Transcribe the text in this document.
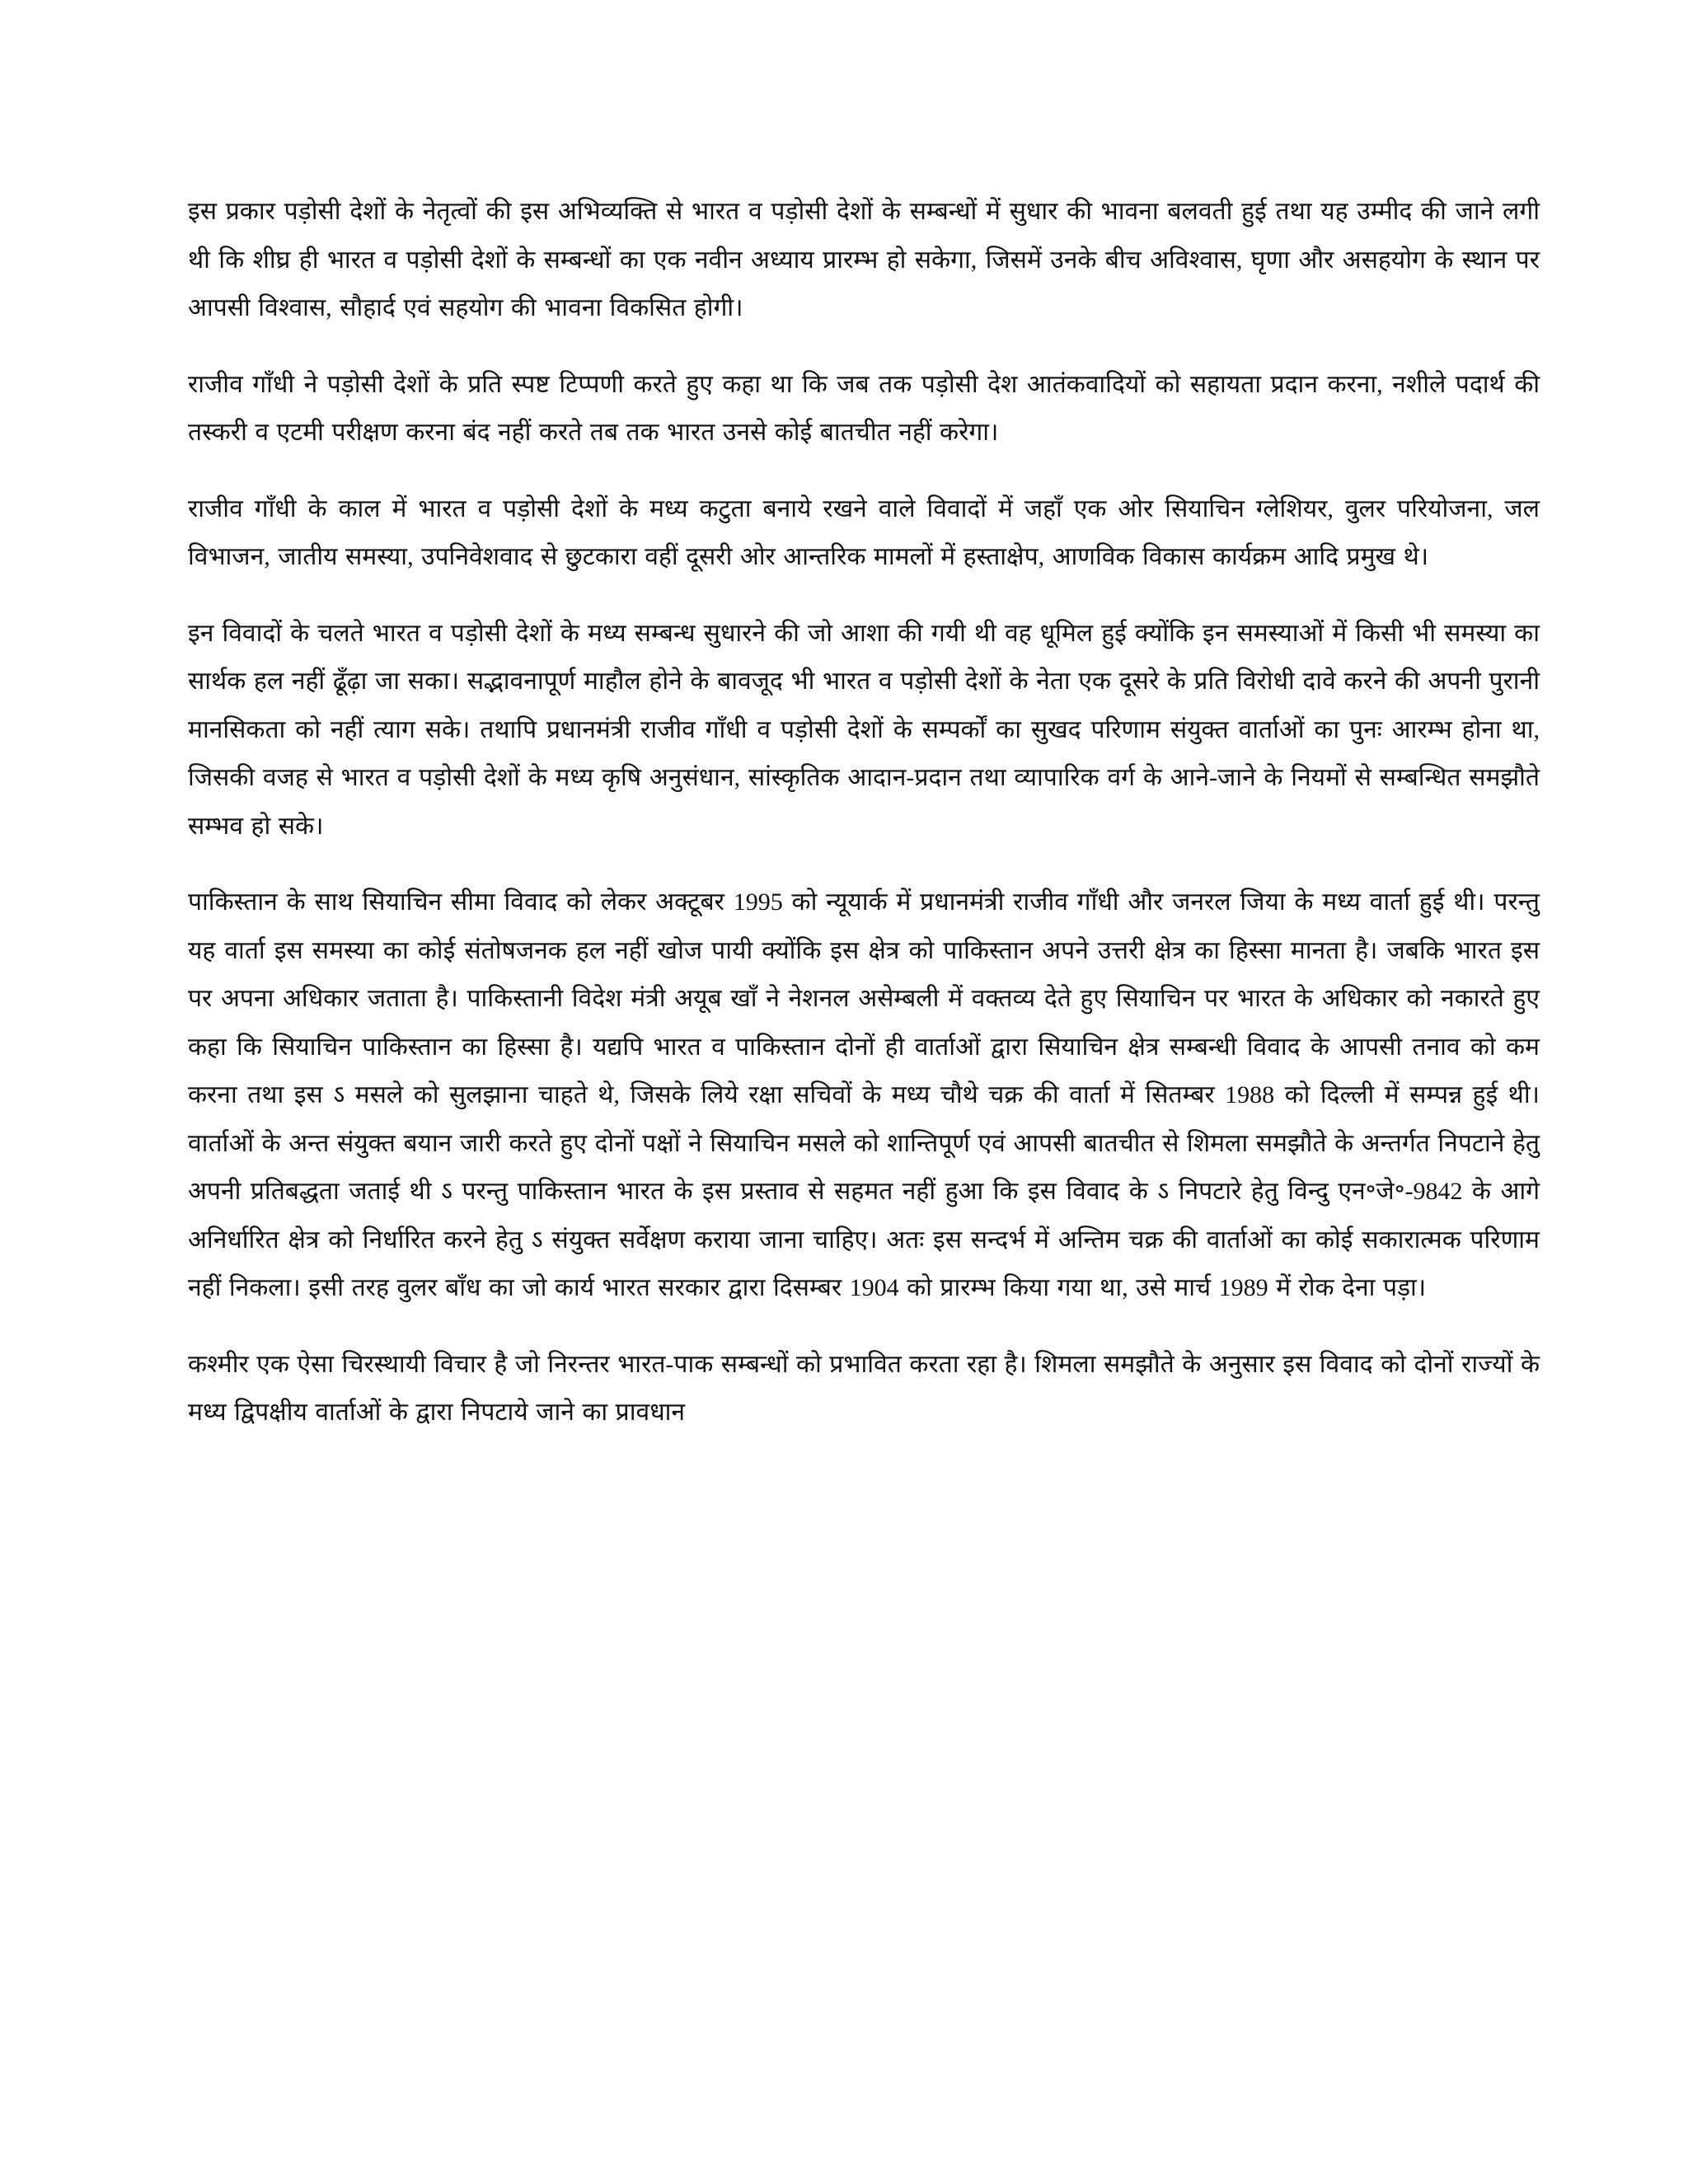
इस प्रकार पड़ोसी देशों के नेतृत्वों की इस अभिव्यक्ति से भारत व पड़ोसी देशों के सम्बन्धों में सुधार की भावना बलवती हुई तथा यह उम्मीद की जाने लगी थी कि शीघ्र ही भारत व पड़ोसी देशों के सम्बन्धों का एक नवीन अध्याय प्रारम्भ हो सकेगा, जिसमें उनके बीच अविश्वास, घृणा और असहयोग के स्थान पर आपसी विश्वास, सौहार्द एवं सहयोग की भावना विकसित होगी।

राजीव गाँधी ने पड़ोसी देशों के प्रति स्पष्ट टिप्पणी करते हुए कहा था कि जब तक पड़ोसी देश आतंकवादियों को सहायता प्रदान करना, नशीले पदार्थ की तस्करी व एटमी परीक्षण करना बंद नहीं करते तब तक भारत उनसे कोई बातचीत नहीं करेगा।

राजीव गाँधी के काल में भारत व पड़ोसी देशों के मध्य कटुता बनाये रखने वाले विवादों में जहाँ एक ओर सियाचिन ग्लेशियर, वुलर परियोजना, जल विभाजन, जातीय समस्या, उपनिवेशवाद से छुटकारा वहीं दूसरी ओर आन्तरिक मामलों में हस्ताक्षेप, आणविक विकास कार्यक्रम आदि प्रमुख थे।

इन विवादों के चलते भारत व पड़ोसी देशों के मध्य सम्बन्ध सुधारने की जो आशा की गयी थी वह धूमिल हुई क्योंकि इन समस्याओं में किसी भी समस्या का सार्थक हल नहीं ढूँढ़ा जा सका। सद्भावनापूर्ण माहौल होने के बावजूद भी भारत व पड़ोसी देशों के नेता एक दूसरे के प्रति विरोधी दावे करने की अपनी पुरानी मानसिकता को नहीं त्याग सके। तथापि प्रधानमंत्री राजीव गाँधी व पड़ोसी देशों के सम्पर्कों का सुखद परिणाम संयुक्त वार्ताओं का पुनः आरम्भ होना था, जिसकी वजह से भारत व पड़ोसी देशों के मध्य कृषि अनुसंधान, सांस्कृतिक आदान-प्रदान तथा व्यापारिक वर्ग के आने-जाने के नियमों से सम्बन्धित समझौते सम्भव हो सके।

पाकिस्तान के साथ सियाचिन सीमा विवाद को लेकर अक्टूबर 1995 को न्यूयार्क में प्रधानमंत्री राजीव गाँधी और जनरल जिया के मध्य वार्ता हुई थी। परन्तु यह वार्ता इस समस्या का कोई संतोषजनक हल नहीं खोज पायी क्योंकि इस क्षेत्र को पाकिस्तान अपने उत्तरी क्षेत्र का हिस्सा मानता है। जबकि भारत इस पर अपना अधिकार जताता है। पाकिस्तानी विदेश मंत्री अयूब खाँ ने नेशनल असेम्बली में वक्तव्य देते हुए सियाचिन पर भारत के अधिकार को नकारते हुए कहा कि सियाचिन पाकिस्तान का हिस्सा है। यद्यपि भारत व पाकिस्तान दोनों ही वार्ताओं द्वारा सियाचिन क्षेत्र सम्बन्धी विवाद के आपसी तनाव को कम करना तथा इस ऽ मसले को सुलझाना चाहते थे, जिसके लिये रक्षा सचिवों के मध्य चौथे चक्र की वार्ता में सितम्बर 1988 को दिल्ली में सम्पन्न हुई थी। वार्ताओं के अन्त संयुक्त बयान जारी करते हुए दोनों पक्षों ने सियाचिन मसले को शान्तिपूर्ण एवं आपसी बातचीत से शिमला समझौते के अन्तर्गत निपटाने हेतु अपनी प्रतिबद्धता जताई थी ऽ परन्तु पाकिस्तान भारत के इस प्रस्ताव से सहमत नहीं हुआ कि इस विवाद के ऽ निपटारे हेतु विन्दु एन॰जे॰-9842 के आगे अनिर्धारित क्षेत्र को निर्धारित करने हेतु ऽ संयुक्त सर्वेक्षण कराया जाना चाहिए। अतः इस सन्दर्भ में अन्तिम चक्र की वार्ताओं का कोई सकारात्मक परिणाम नहीं निकला। इसी तरह वुलर बाँध का जो कार्य भारत सरकार द्वारा दिसम्बर 1904 को प्रारम्भ किया गया था, उसे मार्च 1989 में रोक देना पड़ा।

कश्मीर एक ऐसा चिरस्थायी विचार है जो निरन्तर भारत-पाक सम्बन्धों को प्रभावित करता रहा है। शिमला समझौते के अनुसार इस विवाद को दोनों राज्यों के मध्य द्विपक्षीय वार्ताओं के द्वारा निपटाये जाने का प्रावधान
